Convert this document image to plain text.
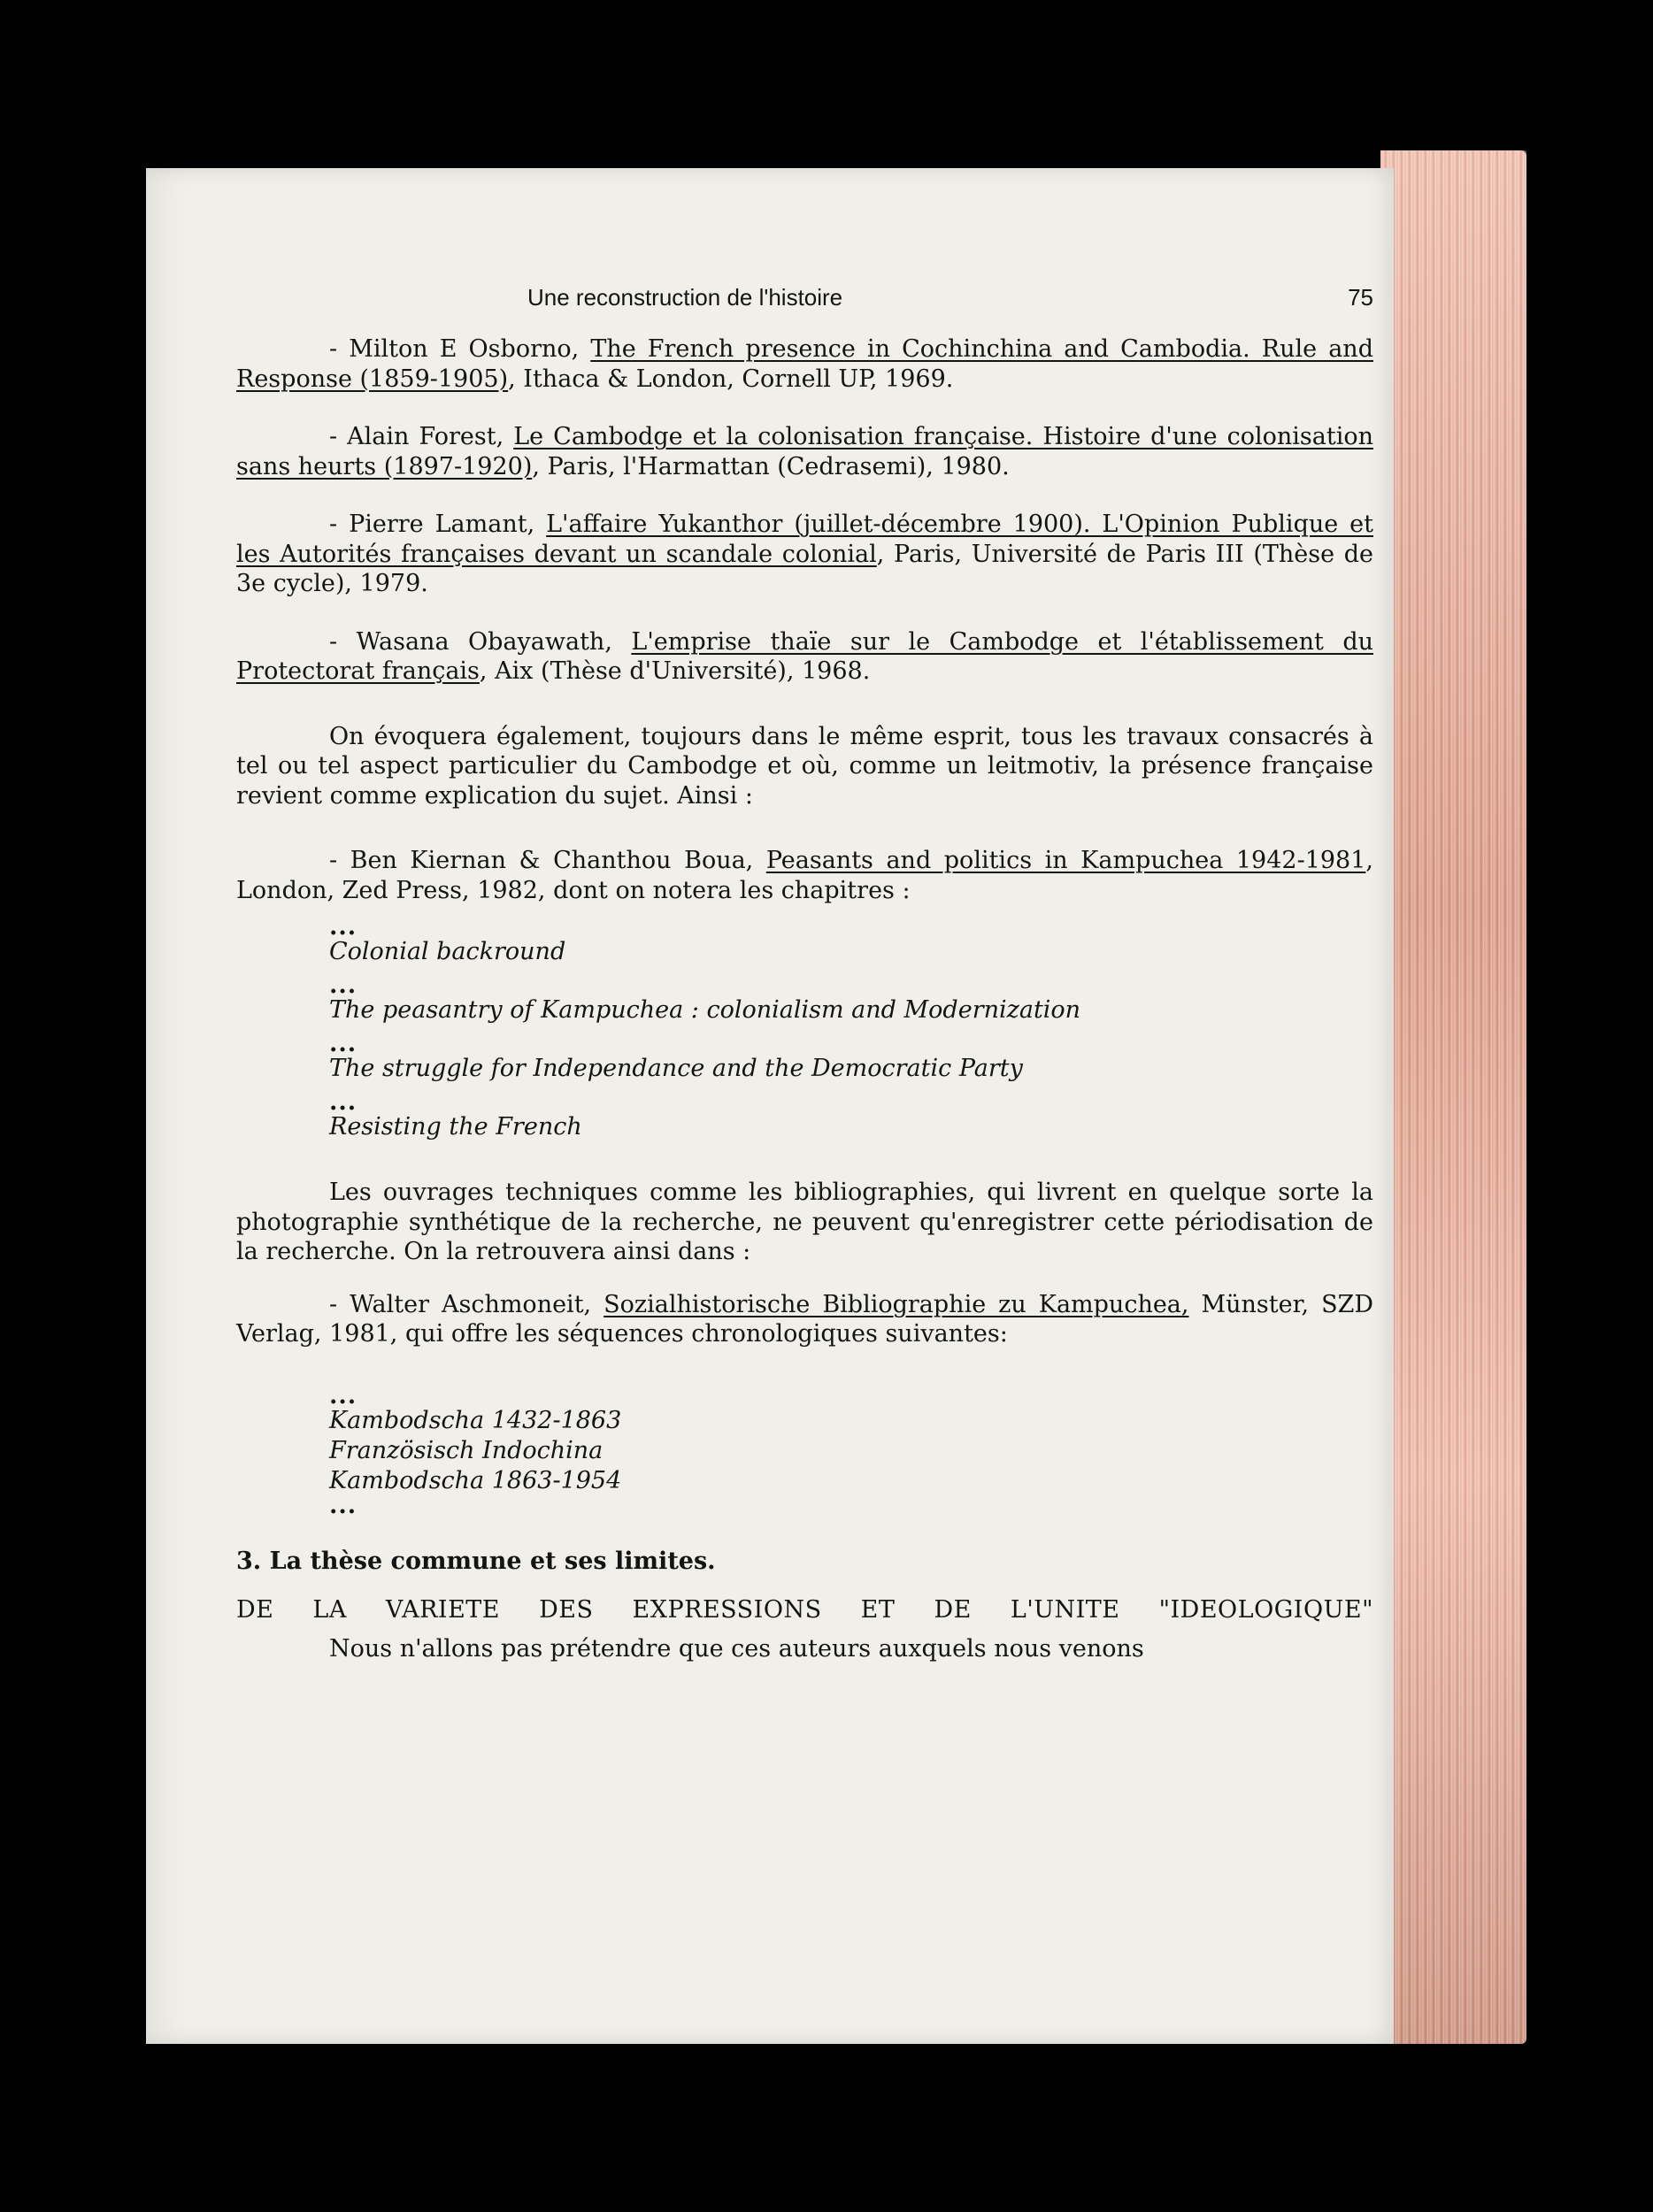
Une reconstruction de l'histoire	75

- Milton E Osborno, The French presence in Cochinchina and Cambodia. Rule and Response (1859-1905), Ithaca & London, Cornell UP, 1969.

- Alain Forest, Le Cambodge et la colonisation française. Histoire d'une colonisation sans heurts (1897-1920), Paris, l'Harmattan (Cedrasemi), 1980.

- Pierre Lamant, L'affaire Yukanthor (juillet-décembre 1900). L'Opinion Publique et les Autorités françaises devant un scandale colonial, Paris, Université de Paris III (Thèse de 3e cycle), 1979.

- Wasana Obayawath, L'emprise thaïe sur le Cambodge et l'établissement du Protectorat français, Aix (Thèse d'Université), 1968.

On évoquera également, toujours dans le même esprit, tous les travaux consacrés à tel ou tel aspect particulier du Cambodge et où, comme un leitmotiv, la présence française revient comme explication du sujet. Ainsi :

- Ben Kiernan & Chanthou Boua, Peasants and politics in Kampuchea 1942-1981, London, Zed Press, 1982, dont on notera les chapitres :

...
Colonial backround
...
The peasantry of Kampuchea : colonialism and Modernization
...
The struggle for Independance and the Democratic Party
...
Resisting the French

Les ouvrages techniques comme les bibliographies, qui livrent en quelque sorte la photographie synthétique de la recherche, ne peuvent qu'enregistrer cette périodisation de la recherche. On la retrouvera ainsi dans :

- Walter Aschmoneit, Sozialhistorische Bibliographie zu Kampuchea, Münster, SZD Verlag, 1981, qui offre les séquences chronologiques suivantes:

...
Kambodscha 1432-1863
Französisch Indochina
Kambodscha 1863-1954
...

3. La thèse commune et ses limites.

DE LA VARIETE DES EXPRESSIONS ET DE L'UNITE "IDEOLOGIQUE"

Nous n'allons pas prétendre que ces auteurs auxquels nous venons
